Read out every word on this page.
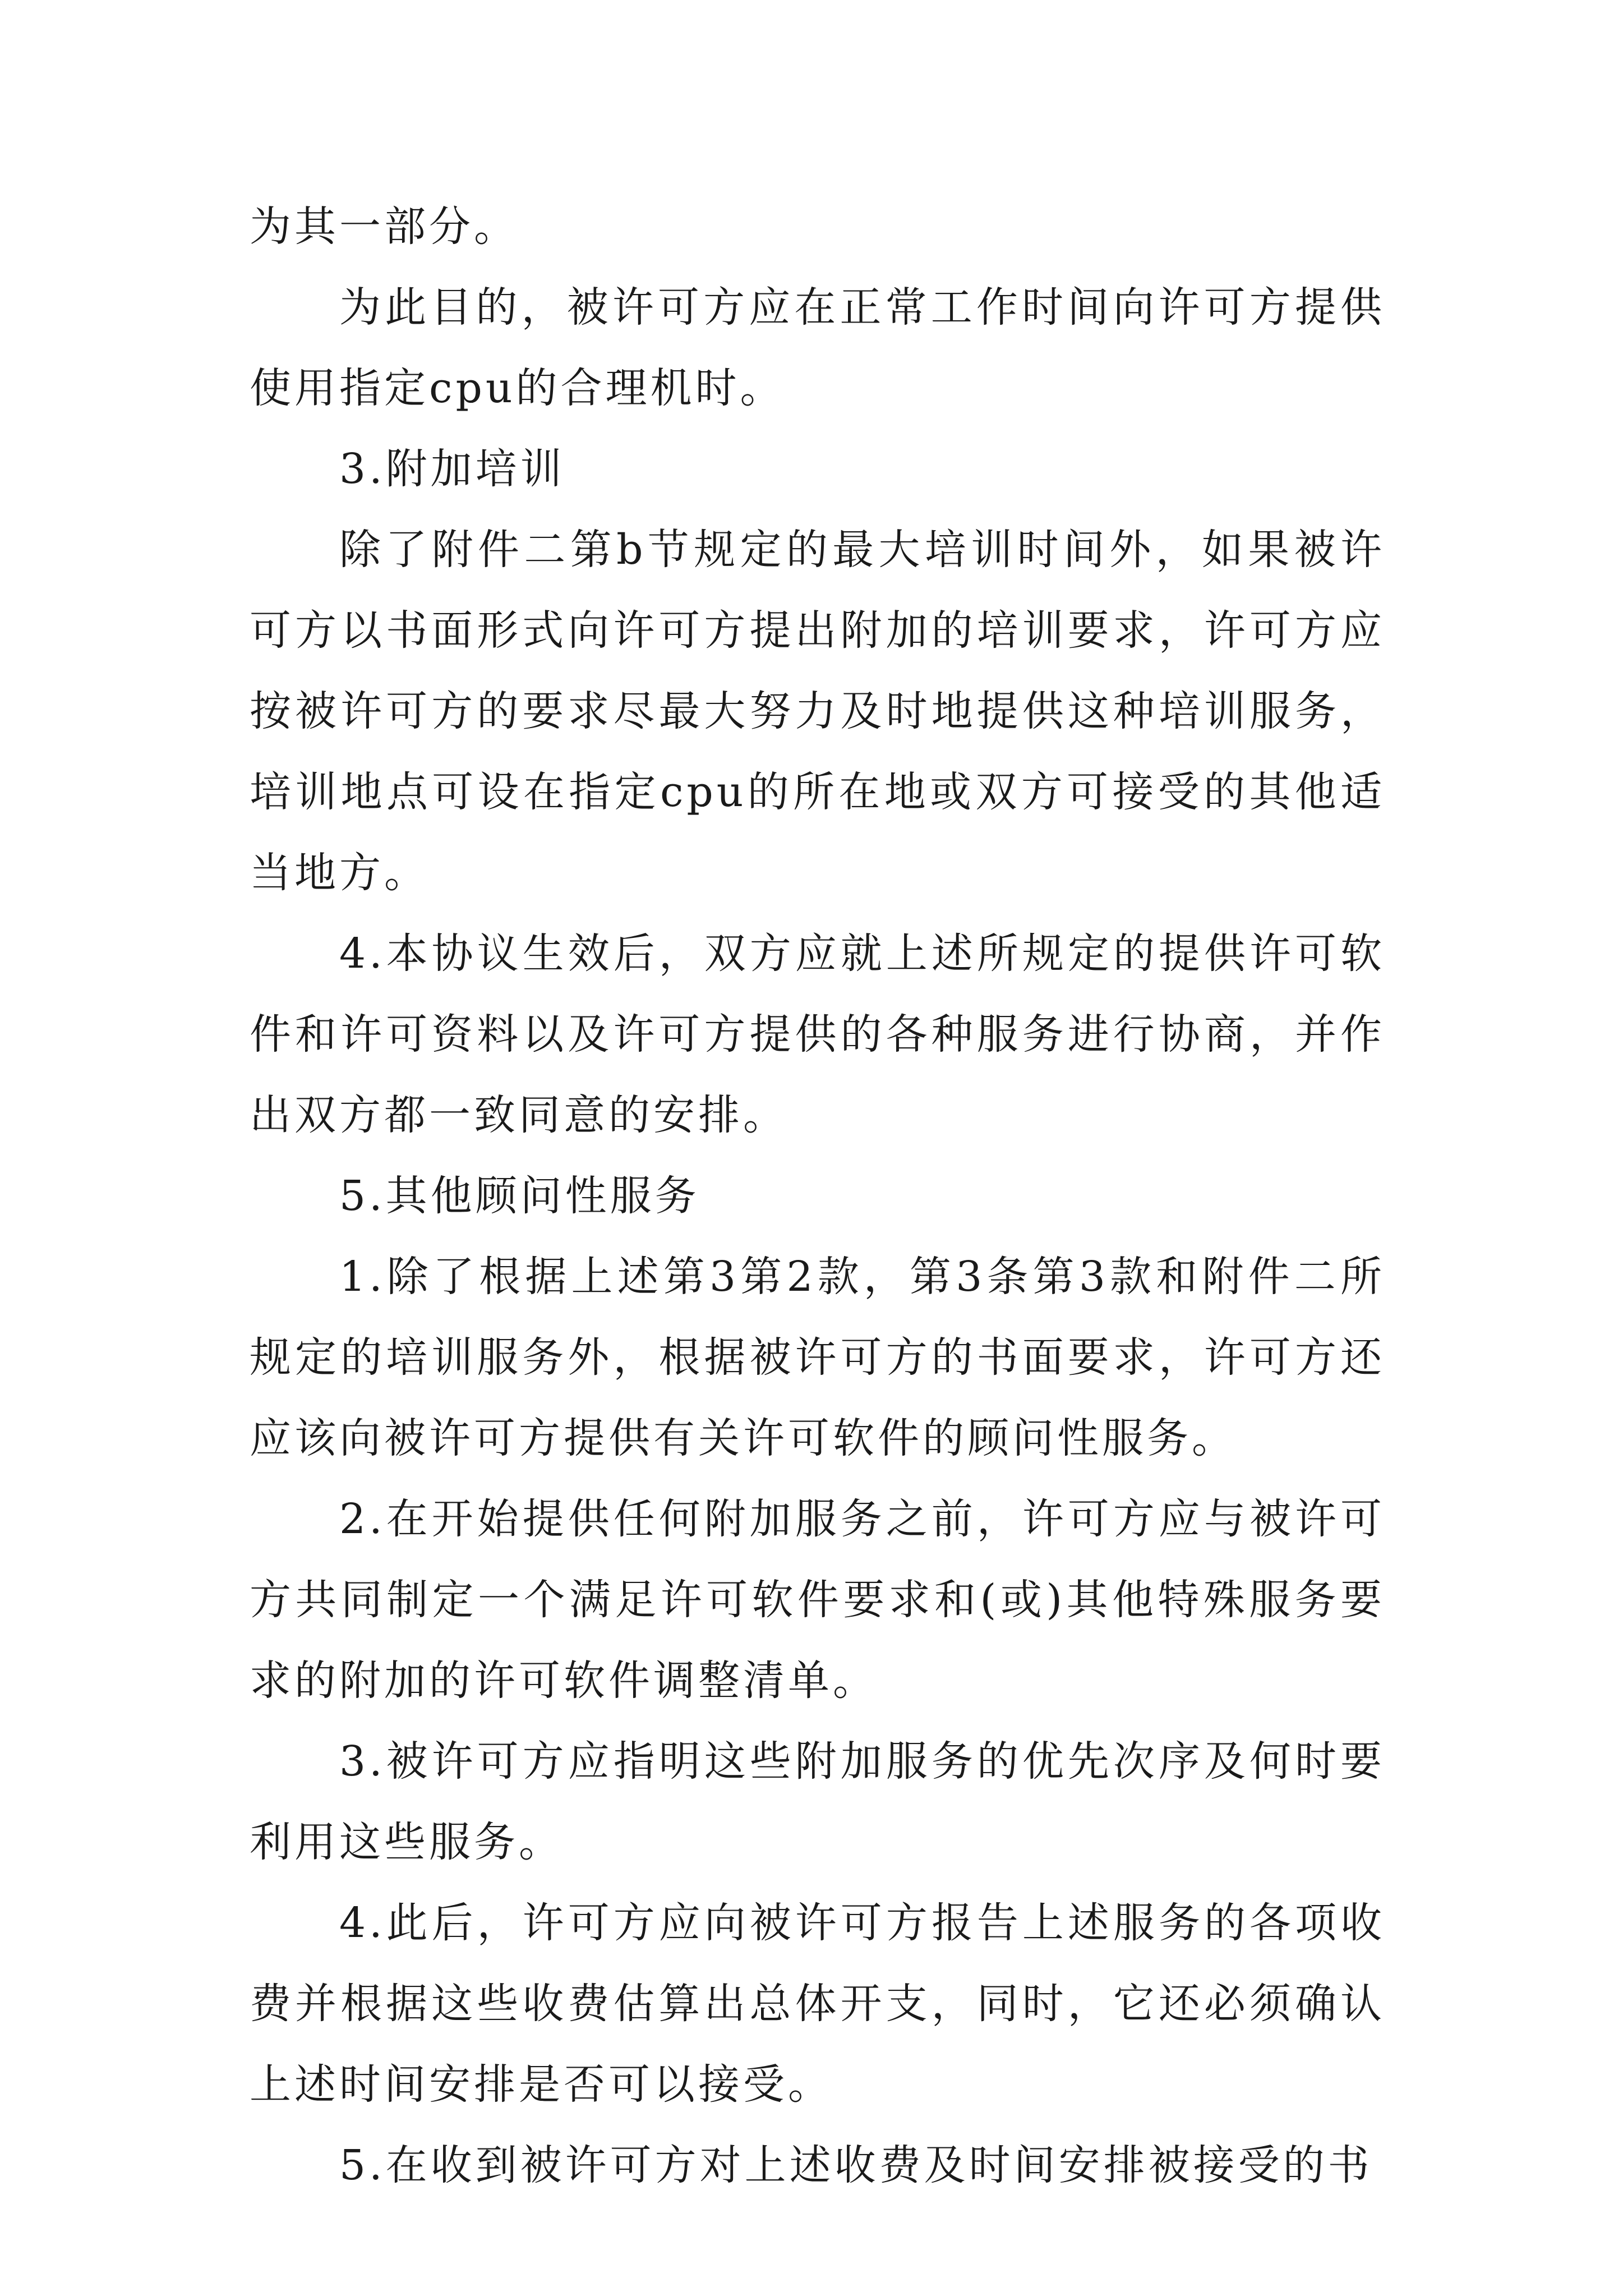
为其一部分。

为此目的，被许可方应在正常工作时间向许可方提供使用指定cpu的合理机时。

3.附加培训

除了附件二第b节规定的最大培训时间外，如果被许可方以书面形式向许可方提出附加的培训要求，许可方应按被许可方的要求尽最大努力及时地提供这种培训服务，培训地点可设在指定cpu的所在地或双方可接受的其他适当地方。

4.本协议生效后，双方应就上述所规定的提供许可软件和许可资料以及许可方提供的各种服务进行协商，并作出双方都一致同意的安排。

5.其他顾问性服务

1.除了根据上述第3第2款，第3条第3款和附件二所规定的培训服务外，根据被许可方的书面要求，许可方还应该向被许可方提供有关许可软件的顾问性服务。

2.在开始提供任何附加服务之前，许可方应与被许可方共同制定一个满足许可软件要求和(或)其他特殊服务要求的附加的许可软件调整清单。

3.被许可方应指明这些附加服务的优先次序及何时要利用这些服务。

4.此后，许可方应向被许可方报告上述服务的各项收费并根据这些收费估算出总体开支，同时，它还必须确认上述时间安排是否可以接受。

5.在收到被许可方对上述收费及时间安排被接受的书
